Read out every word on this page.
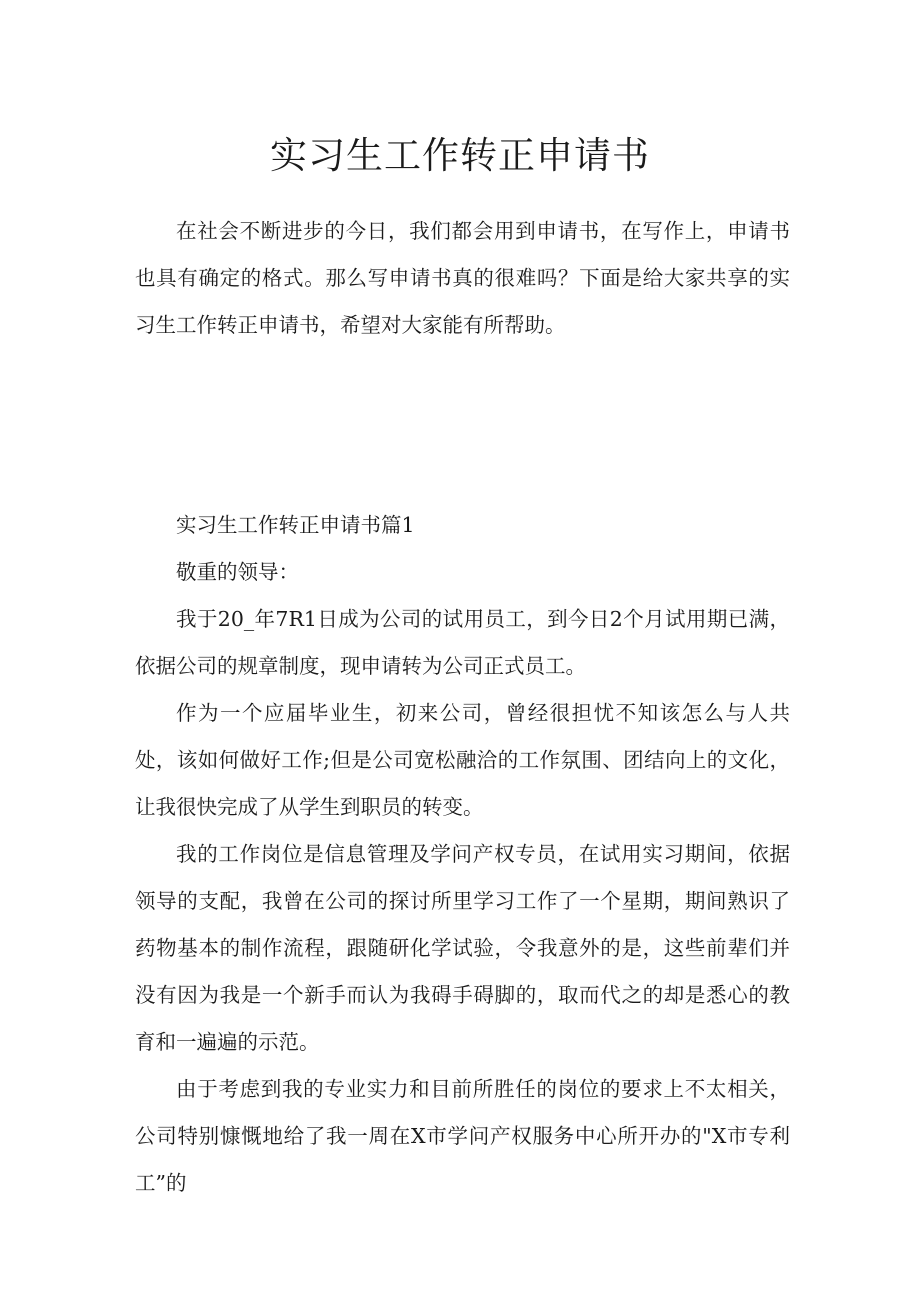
实习生工作转正申请书

在社会不断进步的今日，我们都会用到申请书，在写作上，申请书也具有确定的格式。那么写申请书真的很难吗？下面是给大家共享的实习生工作转正申请书，希望对大家能有所帮助。

实习生工作转正申请书篇1

敬重的领导：

我于20_年7R1日成为公司的试用员工，到今日2个月试用期已满，依据公司的规章制度，现申请转为公司正式员工。

作为一个应届毕业生，初来公司，曾经很担忧不知该怎么与人共处，该如何做好工作;但是公司宽松融洽的工作氛围、团结向上的文化，让我很快完成了从学生到职员的转变。

我的工作岗位是信息管理及学问产权专员，在试用实习期间，依据领导的支配，我曾在公司的探讨所里学习工作了一个星期，期间熟识了药物基本的制作流程，跟随研化学试验，令我意外的是，这些前辈们并没有因为我是一个新手而认为我碍手碍脚的，取而代之的却是悉心的教育和一遍遍的示范。

由于考虑到我的专业实力和目前所胜任的岗位的要求上不太相关，公司特别慷慨地给了我一周在X市学问产权服务中心所开办的"X市专利工”的
